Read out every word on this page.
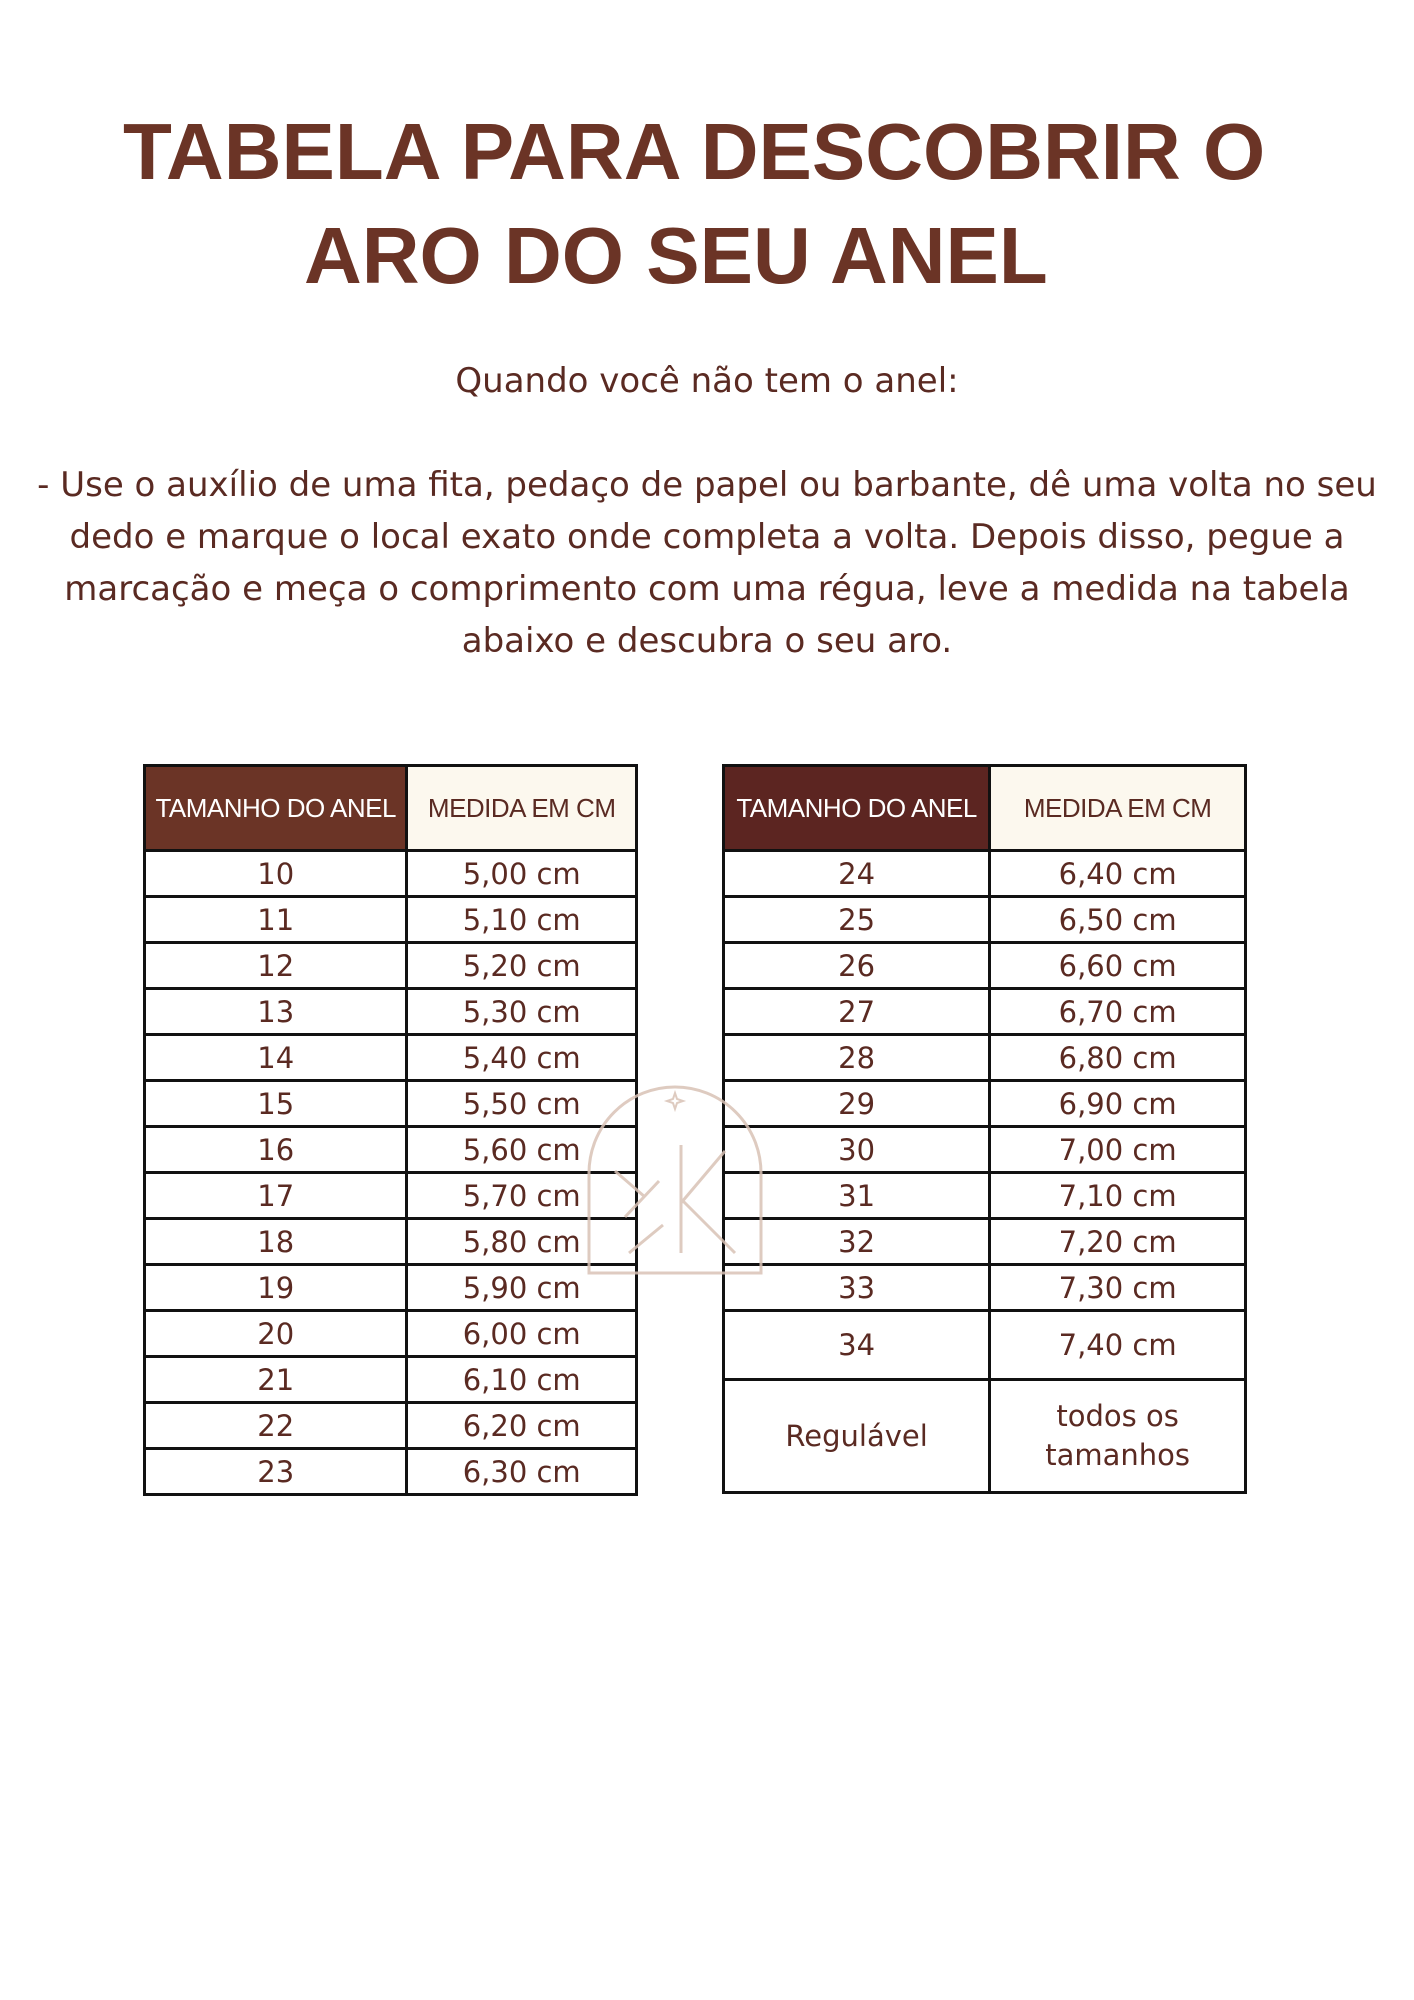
TABELA PARA DESCOBRIR O
ARO DO SEU ANEL
Quando você não tem o anel:
- Use o auxílio de uma fita, pedaço de papel ou barbante, dê uma volta no seu dedo e marque o local exato onde completa a volta. Depois disso, pegue a marcação e meça o comprimento com uma régua, leve a medida na tabela abaixo e descubra o seu aro.
TAMANHO DO ANEL	MEDIDA EM CM
10	5,00 cm
11	5,10 cm
12	5,20 cm
13	5,30 cm
14	5,40 cm
15	5,50 cm
16	5,60 cm
17	5,70 cm
18	5,80 cm
19	5,90 cm
20	6,00 cm
21	6,10 cm
22	6,20 cm
23	6,30 cm
TAMANHO DO ANEL	MEDIDA EM CM
24	6,40 cm
25	6,50 cm
26	6,60 cm
27	6,70 cm
28	6,80 cm
29	6,90 cm
30	7,00 cm
31	7,10 cm
32	7,20 cm
33	7,30 cm
34	7,40 cm
Regulável	todos os
tamanhos
